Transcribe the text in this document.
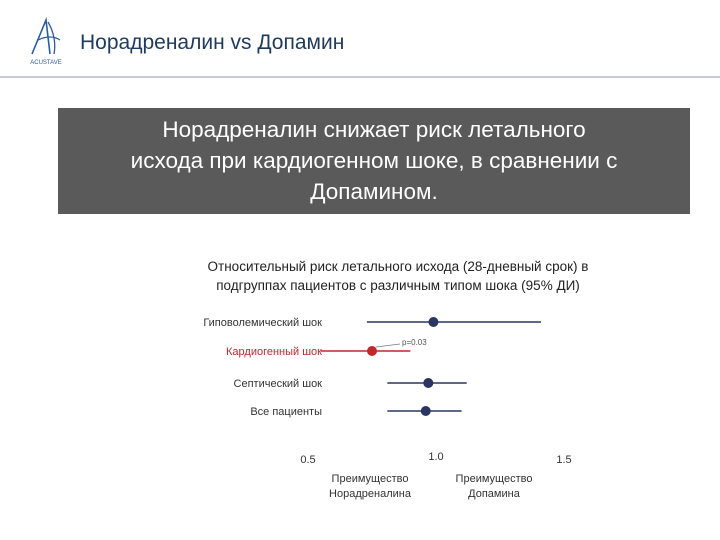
ACUSTAVE
Норадреналин vs Допамин
Норадреналин снижает риск летального
исхода при кардиогенном шоке, в сравнении с
Допамином.
Относительный риск летального исхода (28-дневный срок) в
подгруппах пациентов с различным типом шока (95% ДИ)
Гиповолемический шок
Кардиогенный шок
p=0.03
Септический шок
Все пациенты
0.5	1.0	1.5
Преимущество
Норадреналина
Преимущество
Допамина
